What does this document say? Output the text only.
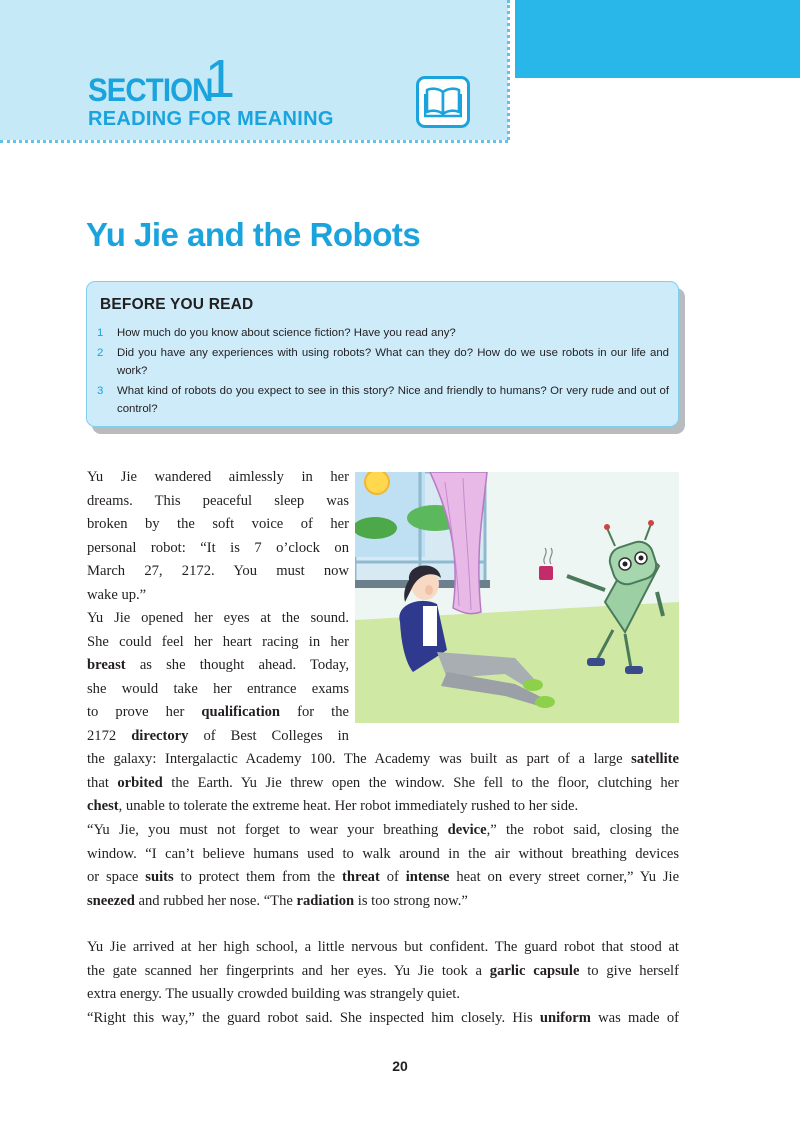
SECTION
1
READING FOR MEANING
Yu Jie and the Robots
BEFORE YOU READ
1 How much do you know about science fiction? Have you read any?
2 Did you have any experiences with using robots? What can they do? How do we use robots in our life and work?
3 What kind of robots do you expect to see in this story? Nice and friendly to humans? Or very rude and out of control?
Yu Jie wandered aimlessly in her
dreams. This peaceful sleep was
broken by the soft voice of her
personal robot: “It is 7 o’clock on
March 27, 2172. You must now
wake up.”
Yu Jie opened her eyes at the sound.
She could feel her heart racing in her
breast as she thought ahead. Today,
she would take her entrance exams
to prove her qualification for the
2172 directory of Best Colleges in
the galaxy: Intergalactic Academy 100. The Academy was built as part of a large satellite
that orbited the Earth. Yu Jie threw open the window. She fell to the floor, clutching her
chest, unable to tolerate the extreme heat. Her robot immediately rushed to her side.
“Yu Jie, you must not forget to wear your breathing device,” the robot said, closing the
window. “I can’t believe humans used to walk around in the air without breathing devices
or space suits to protect them from the threat of intense heat on every street corner,” Yu Jie
sneezed and rubbed her nose. “The radiation is too strong now.”
Yu Jie arrived at her high school, a little nervous but confident. The guard robot that stood at
the gate scanned her fingerprints and her eyes. Yu Jie took a garlic capsule to give herself
extra energy. The usually crowded building was strangely quiet.
“Right this way,” the guard robot said. She inspected him closely. His uniform was made of
20
